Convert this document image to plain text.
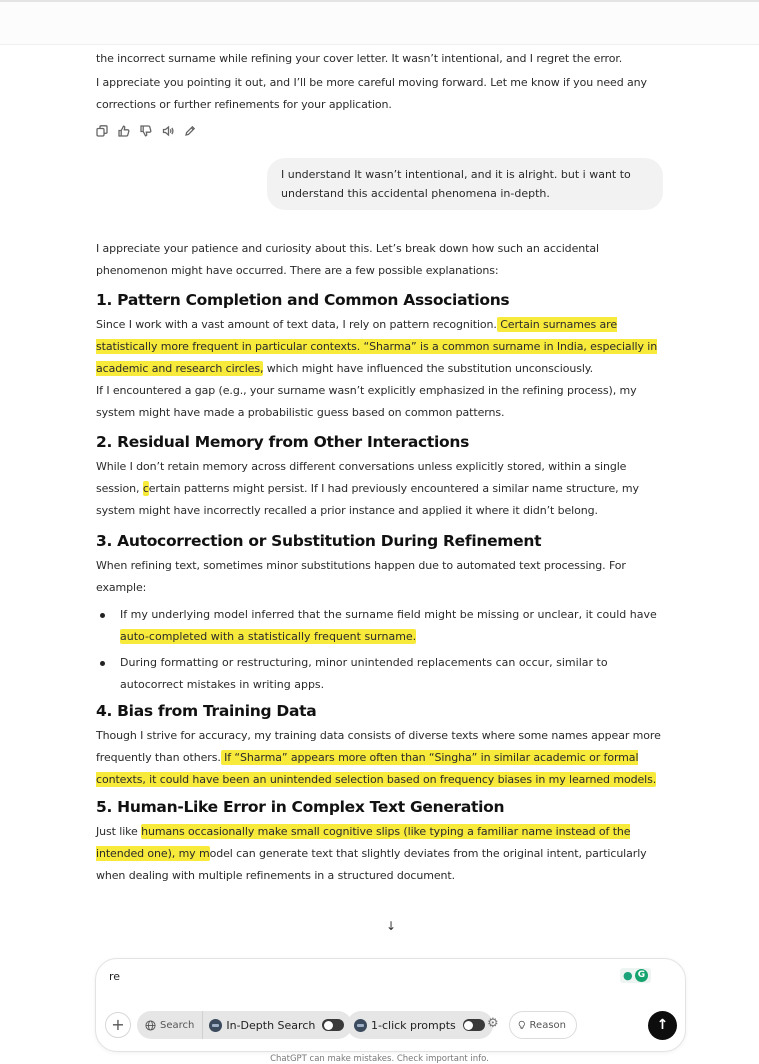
the incorrect surname while refining your cover letter. It wasn’t intentional, and I regret the error.

I appreciate you pointing it out, and I’ll be more careful moving forward. Let me know if you need any corrections or further refinements for your application.

I understand It wasn’t intentional, and it is alright. but i want to understand this accidental phenomena in-depth.

I appreciate your patience and curiosity about this. Let’s break down how such an accidental phenomenon might have occurred. There are a few possible explanations:

1. Pattern Completion and Common Associations

Since I work with a vast amount of text data, I rely on pattern recognition. Certain surnames are statistically more frequent in particular contexts. “Sharma” is a common surname in India, especially in academic and research circles, which might have influenced the substitution unconsciously.

If I encountered a gap (e.g., your surname wasn’t explicitly emphasized in the refining process), my system might have made a probabilistic guess based on common patterns.

2. Residual Memory from Other Interactions

While I don’t retain memory across different conversations unless explicitly stored, within a single session, certain patterns might persist. If I had previously encountered a similar name structure, my system might have incorrectly recalled a prior instance and applied it where it didn’t belong.

3. Autocorrection or Substitution During Refinement

When refining text, sometimes minor substitutions happen due to automated text processing. For example:

If my underlying model inferred that the surname field might be missing or unclear, it could have auto-completed with a statistically frequent surname.
During formatting or restructuring, minor unintended replacements can occur, similar to autocorrect mistakes in writing apps.
4. Bias from Training Data

Though I strive for accuracy, my training data consists of diverse texts where some names appear more frequently than others. If “Sharma” appears more often than “Singha” in similar academic or formal contexts, it could have been an unintended selection based on frequency biases in my learned models.

5. Human-Like Error in Complex Text Generation

Just like humans occasionally make small cognitive slips (like typing a familiar name instead of the intended one), my model can generate text that slightly deviates from the original intent, particularly when dealing with multiple refinements in a structured document.

↓
re	● G
+	Search	In-Depth Search	1-click prompts ⚙	Reason	↑
ChatGPT can make mistakes. Check important info.
